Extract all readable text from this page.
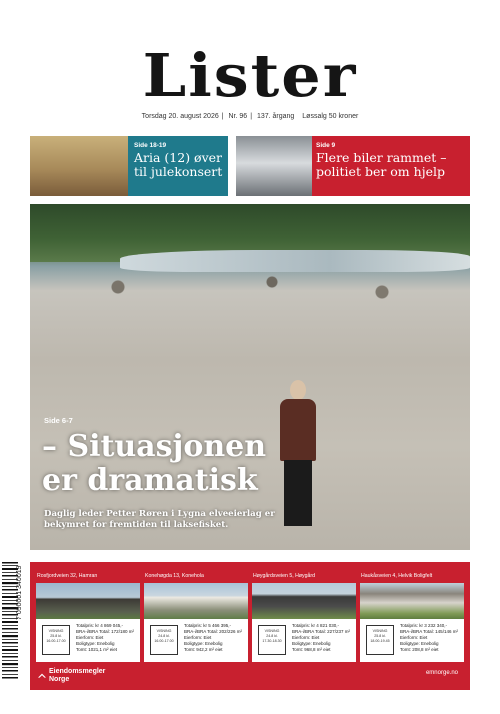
Lister
Torsdag 20. august 2026 | Nr. 96 | 137. årgang Løssalg 50 kroner
Side 18-19
Aria (12) øver til julekonsert
Side 9
Flere biler rammet – politiet ber om hjelp
Side 6-7
– Situasjonen er dramatisk
Daglig leder Petter Røren i Lygna elveeierlag er bekymret for fremtiden til laksefisket.
Rosfjordveien 32, Hamran
VISNING
25.8 kl.
16.00-17.00
Totalpris: kr 4 869 045,-
BRA-i/BRA Total: 172/180 m²
Eierform: Eiet
Boligtype: Enebolig
Tomt: 1021,1 m² eiet
Konehøgda 13, Konehola
VISNING
24.8 kl.
16.00-17.00
Totalpris: kr 5 466 395,-
BRA-i/BRA Total: 202/226 m²
Eierform: Eiet
Boligtype: Enebolig
Tomt: 942,2 m² eiet
Høygårdsveien 5, Høygård
VISNING
24.8 kl.
17.30-18.30
Totalpris: kr 4 821 030,-
BRA-i/BRA Total: 227/237 m²
Eierform: Eiet
Boligtype: Enebolig
Tomt: 968,8 m² eiet
Haukåsveien 4, Helvik Boligfelt
VISNING
25.8 kl.
18.00-19.45
Totalpris: kr 3 232 340,-
BRA-i/BRA Total: 145/146 m²
Eierform: Eiet
Boligtype: Enebolig
Tomt: 208,8 m² eiet
Eiendomsmegler Norge
emnorge.no
7 090001 340019
